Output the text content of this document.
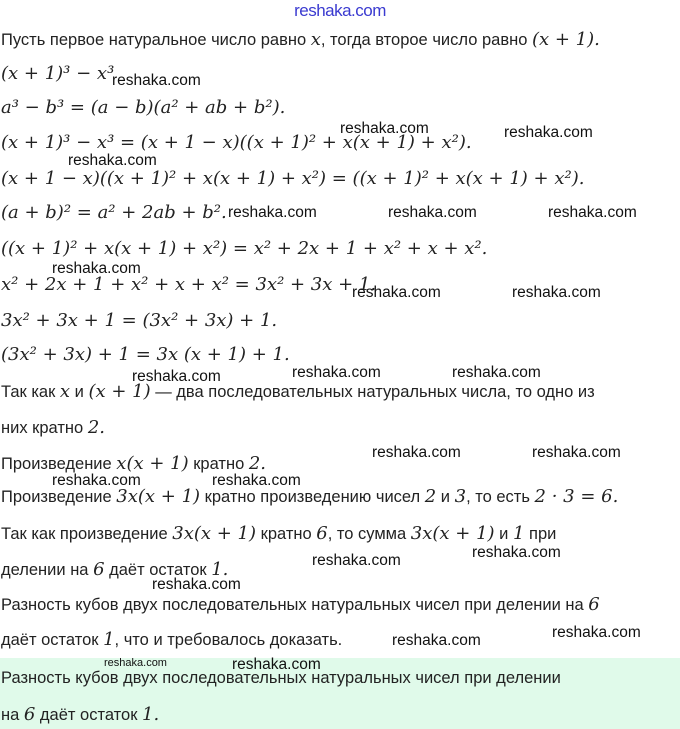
reshaka.com
Пусть первое натуральное число равно x, тогда второе число равно (x + 1).
(x + 1)³ − x³
a³ − b³ = (a − b)(a² + ab + b²).
(x + 1)³ − x³ = (x + 1 − x)((x + 1)² + x(x + 1) + x²).
(x + 1 − x)((x + 1)² + x(x + 1) + x²) = ((x + 1)² + x(x + 1) + x²).
(a + b)² = a² + 2ab + b².
((x + 1)² + x(x + 1) + x²) = x² + 2x + 1 + x² + x + x².
x² + 2x + 1 + x² + x + x² = 3x² + 3x + 1.
3x² + 3x + 1 = (3x² + 3x) + 1.
(3x² + 3x) + 1 = 3x (x + 1) + 1.
Так как x и (x + 1) — два последовательных натуральных числа, то одно из
них кратно 2.
Произведение x(x + 1) кратно 2.
Произведение 3x(x + 1) кратно произведению чисел 2 и 3, то есть 2 · 3 = 6.
Так как произведение 3x(x + 1) кратно 6, то сумма 3x(x + 1) и 1 при
делении на 6 даёт остаток 1.
Разность кубов двух последовательных натуральных чисел при делении на 6
даёт остаток 1, что и требовалось доказать.
Разность кубов двух последовательных натуральных чисел при делении
на 6 даёт остаток 1.
reshaka.com
reshaka.com	reshaka.com
reshaka.com
reshaka.com	reshaka.com	reshaka.com
reshaka.com
reshaka.com	reshaka.com
reshaka.com	reshaka.com	reshaka.com
reshaka.com	reshaka.com
reshaka.com	reshaka.com
reshaka.com	reshaka.com
reshaka.com
reshaka.com	reshaka.com
reshaka.com
reshaka.com
